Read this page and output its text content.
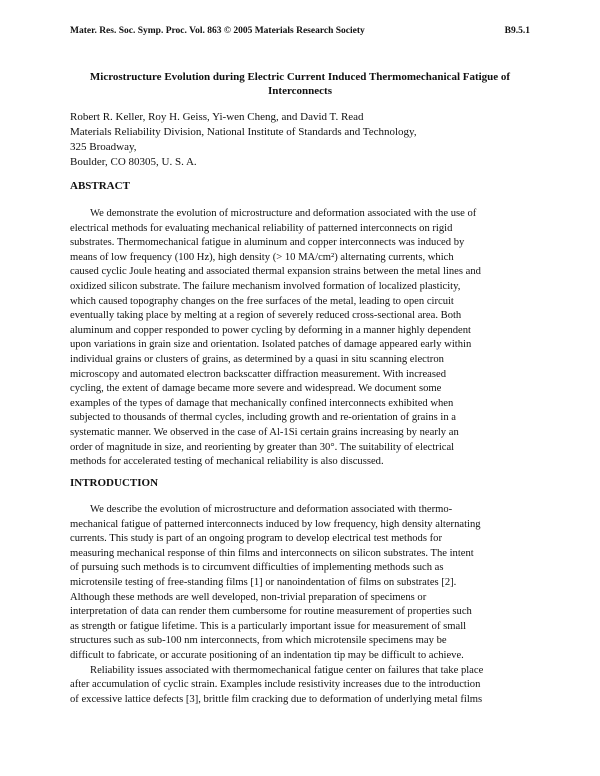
Mater. Res. Soc. Symp. Proc. Vol. 863 © 2005 Materials Research Society	B9.5.1
Microstructure Evolution during Electric Current Induced Thermomechanical Fatigue of
Interconnects
Robert R. Keller, Roy H. Geiss, Yi-wen Cheng, and David T. Read
Materials Reliability Division, National Institute of Standards and Technology,
325 Broadway,
Boulder, CO 80305, U. S. A.
ABSTRACT
We demonstrate the evolution of microstructure and deformation associated with the use of
electrical methods for evaluating mechanical reliability of patterned interconnects on rigid
substrates. Thermomechanical fatigue in aluminum and copper interconnects was induced by
means of low frequency (100 Hz), high density (> 10 MA/cm²) alternating currents, which
caused cyclic Joule heating and associated thermal expansion strains between the metal lines and
oxidized silicon substrate. The failure mechanism involved formation of localized plasticity,
which caused topography changes on the free surfaces of the metal, leading to open circuit
eventually taking place by melting at a region of severely reduced cross-sectional area. Both
aluminum and copper responded to power cycling by deforming in a manner highly dependent
upon variations in grain size and orientation. Isolated patches of damage appeared early within
individual grains or clusters of grains, as determined by a quasi in situ scanning electron
microscopy and automated electron backscatter diffraction measurement. With increased
cycling, the extent of damage became more severe and widespread. We document some
examples of the types of damage that mechanically confined interconnects exhibited when
subjected to thousands of thermal cycles, including growth and re-orientation of grains in a
systematic manner. We observed in the case of Al-1Si certain grains increasing by nearly an
order of magnitude in size, and reorienting by greater than 30°. The suitability of electrical
methods for accelerated testing of mechanical reliability is also discussed.
INTRODUCTION
We describe the evolution of microstructure and deformation associated with thermo-
mechanical fatigue of patterned interconnects induced by low frequency, high density alternating
currents. This study is part of an ongoing program to develop electrical test methods for
measuring mechanical response of thin films and interconnects on silicon substrates. The intent
of pursuing such methods is to circumvent difficulties of implementing methods such as
microtensile testing of free-standing films [1] or nanoindentation of films on substrates [2].
Although these methods are well developed, non-trivial preparation of specimens or
interpretation of data can render them cumbersome for routine measurement of properties such
as strength or fatigue lifetime. This is a particularly important issue for measurement of small
structures such as sub-100 nm interconnects, from which microtensile specimens may be
difficult to fabricate, or accurate positioning of an indentation tip may be difficult to achieve.
Reliability issues associated with thermomechanical fatigue center on failures that take place
after accumulation of cyclic strain. Examples include resistivity increases due to the introduction
of excessive lattice defects [3], brittle film cracking due to deformation of underlying metal films
